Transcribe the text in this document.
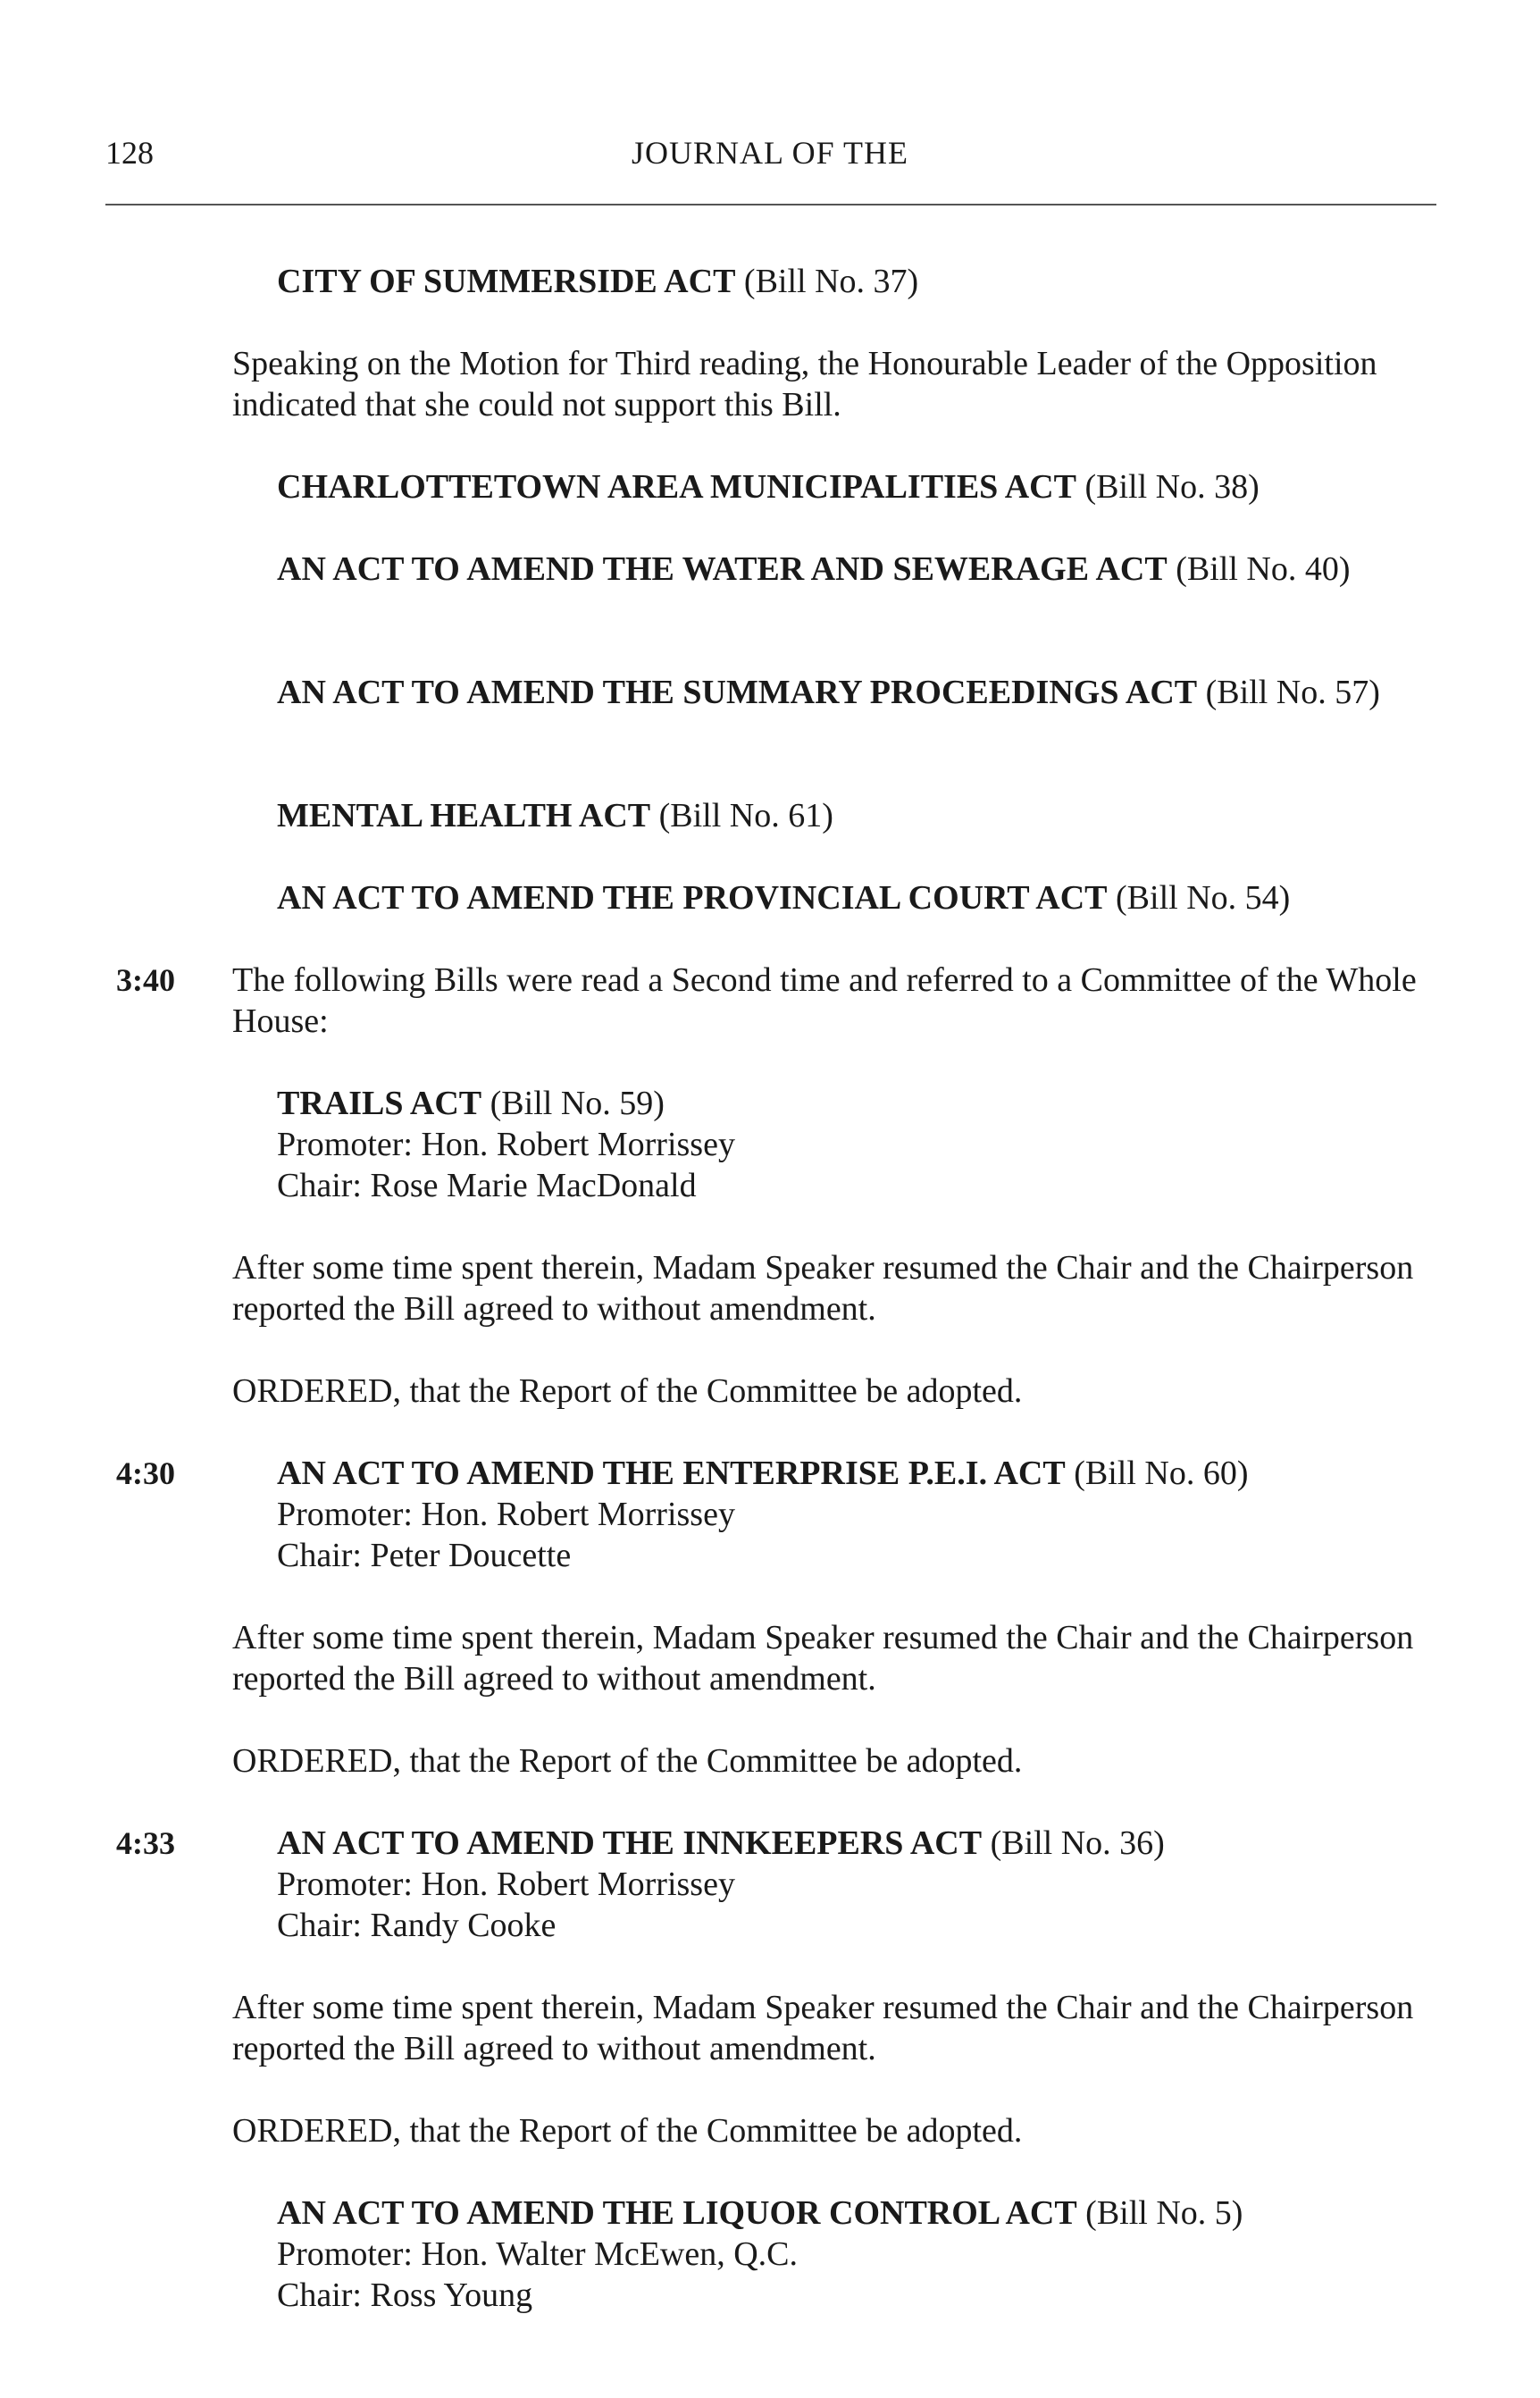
128	JOURNAL OF THE
CITY OF SUMMERSIDE ACT (Bill No. 37)
Speaking on the Motion for Third reading, the Honourable Leader of the Opposition indicated that she could not support this Bill.
CHARLOTTETOWN AREA MUNICIPALITIES ACT (Bill No. 38)
AN ACT TO AMEND THE WATER AND SEWERAGE ACT (Bill No. 40)
AN ACT TO AMEND THE SUMMARY PROCEEDINGS ACT (Bill No. 57)
MENTAL HEALTH ACT (Bill No. 61)
AN ACT TO AMEND THE PROVINCIAL COURT ACT (Bill No. 54)
3:40	The following Bills were read a Second time and referred to a Committee of the Whole House:
TRAILS ACT (Bill No. 59)
Promoter: Hon. Robert Morrissey
Chair: Rose Marie MacDonald
After some time spent therein, Madam Speaker resumed the Chair and the Chairperson reported the Bill agreed to without amendment.
ORDERED, that the Report of the Committee be adopted.
4:30	AN ACT TO AMEND THE ENTERPRISE P.E.I. ACT (Bill No. 60)
Promoter: Hon. Robert Morrissey
Chair: Peter Doucette
After some time spent therein, Madam Speaker resumed the Chair and the Chairperson reported the Bill agreed to without amendment.
ORDERED, that the Report of the Committee be adopted.
4:33	AN ACT TO AMEND THE INNKEEPERS ACT (Bill No. 36)
Promoter: Hon. Robert Morrissey
Chair: Randy Cooke
After some time spent therein, Madam Speaker resumed the Chair and the Chairperson reported the Bill agreed to without amendment.
ORDERED, that the Report of the Committee be adopted.
AN ACT TO AMEND THE LIQUOR CONTROL ACT (Bill No. 5)
Promoter: Hon. Walter McEwen, Q.C.
Chair: Ross Young
